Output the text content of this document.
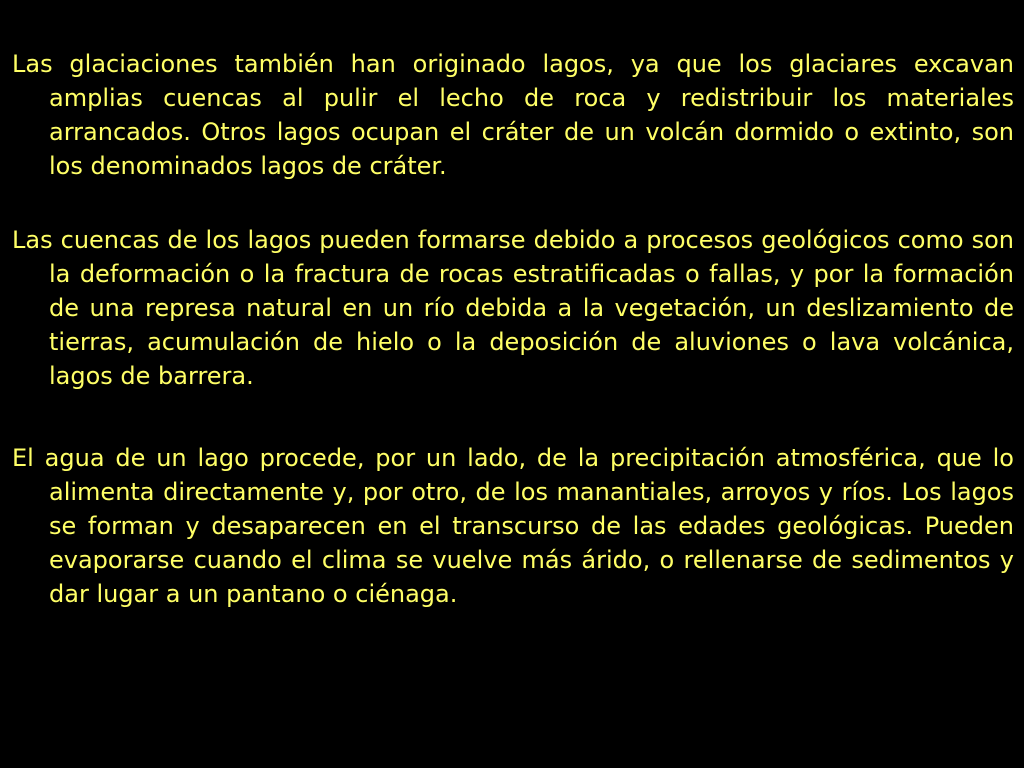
Las glaciaciones también han originado lagos, ya que los glaciares excavan amplias cuencas al pulir el lecho de roca y redistribuir los materiales arrancados. Otros lagos ocupan el cráter de un volcán dormido o extinto, son los denominados lagos de cráter.

Las cuencas de los lagos pueden formarse debido a procesos geológicos como son la deformación o la fractura de rocas estratificadas o fallas, y por la formación de una represa natural en un río debida a la vegetación, un deslizamiento de tierras, acumulación de hielo o la deposición de aluviones o lava volcánica, lagos de barrera.

El agua de un lago procede, por un lado, de la precipitación atmosférica, que lo alimenta directamente y, por otro, de los manantiales, arroyos y ríos. Los lagos se forman y desaparecen en el transcurso de las edades geológicas. Pueden evaporarse cuando el clima se vuelve más árido, o rellenarse de sedimentos y dar lugar a un pantano o ciénaga.
